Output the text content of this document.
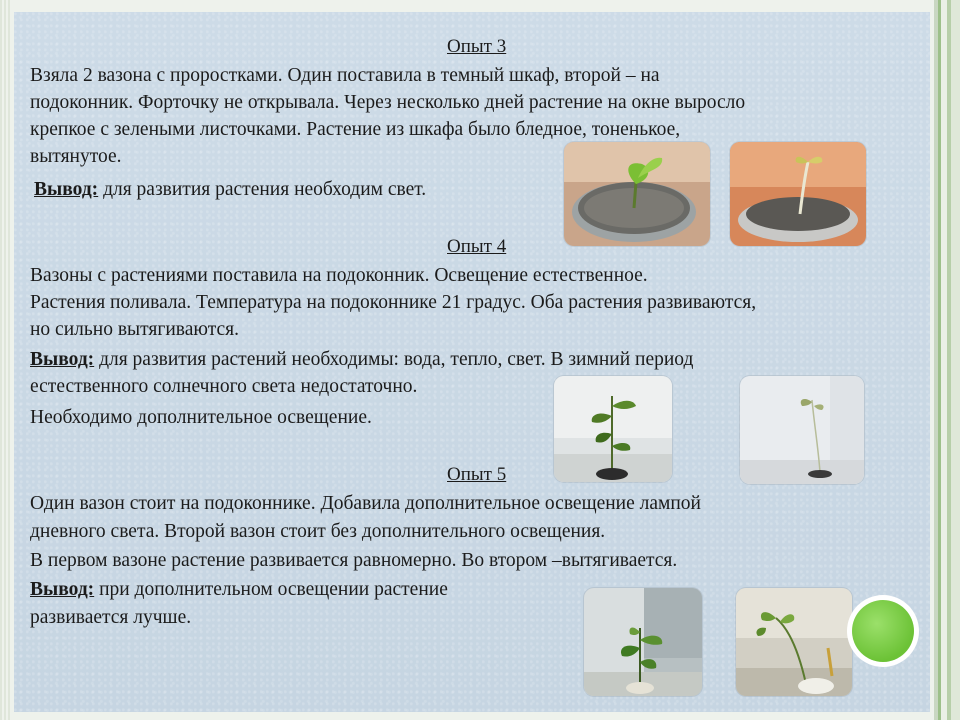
Опыт 3

Взяла 2 вазона с проростками. Один поставила в темный шкаф, второй – на

подоконник. Форточку не открывала. Через несколько дней растение на окне выросло

крепкое с зелеными листочками. Растение из шкафа было бледное, тоненькое,

вытянутое.

Вывод: для развития растения необходим свет.

Опыт 4

Вазоны с растениями поставила на подоконник. Освещение естественное.

Растения поливала. Температура на подоконнике 21 градус. Оба растения развиваются,

но сильно вытягиваются.

Вывод: для развития растений необходимы: вода, тепло, свет. В зимний период

естественного солнечного света недостаточно.

Необходимо дополнительное освещение.

Опыт 5

Один вазон стоит на подоконнике. Добавила дополнительное освещение лампой

дневного света. Второй вазон стоит без дополнительного освещения.

В первом вазоне растение развивается равномерно. Во втором –вытягивается.

Вывод: при дополнительном освещении растение

развивается лучше.
